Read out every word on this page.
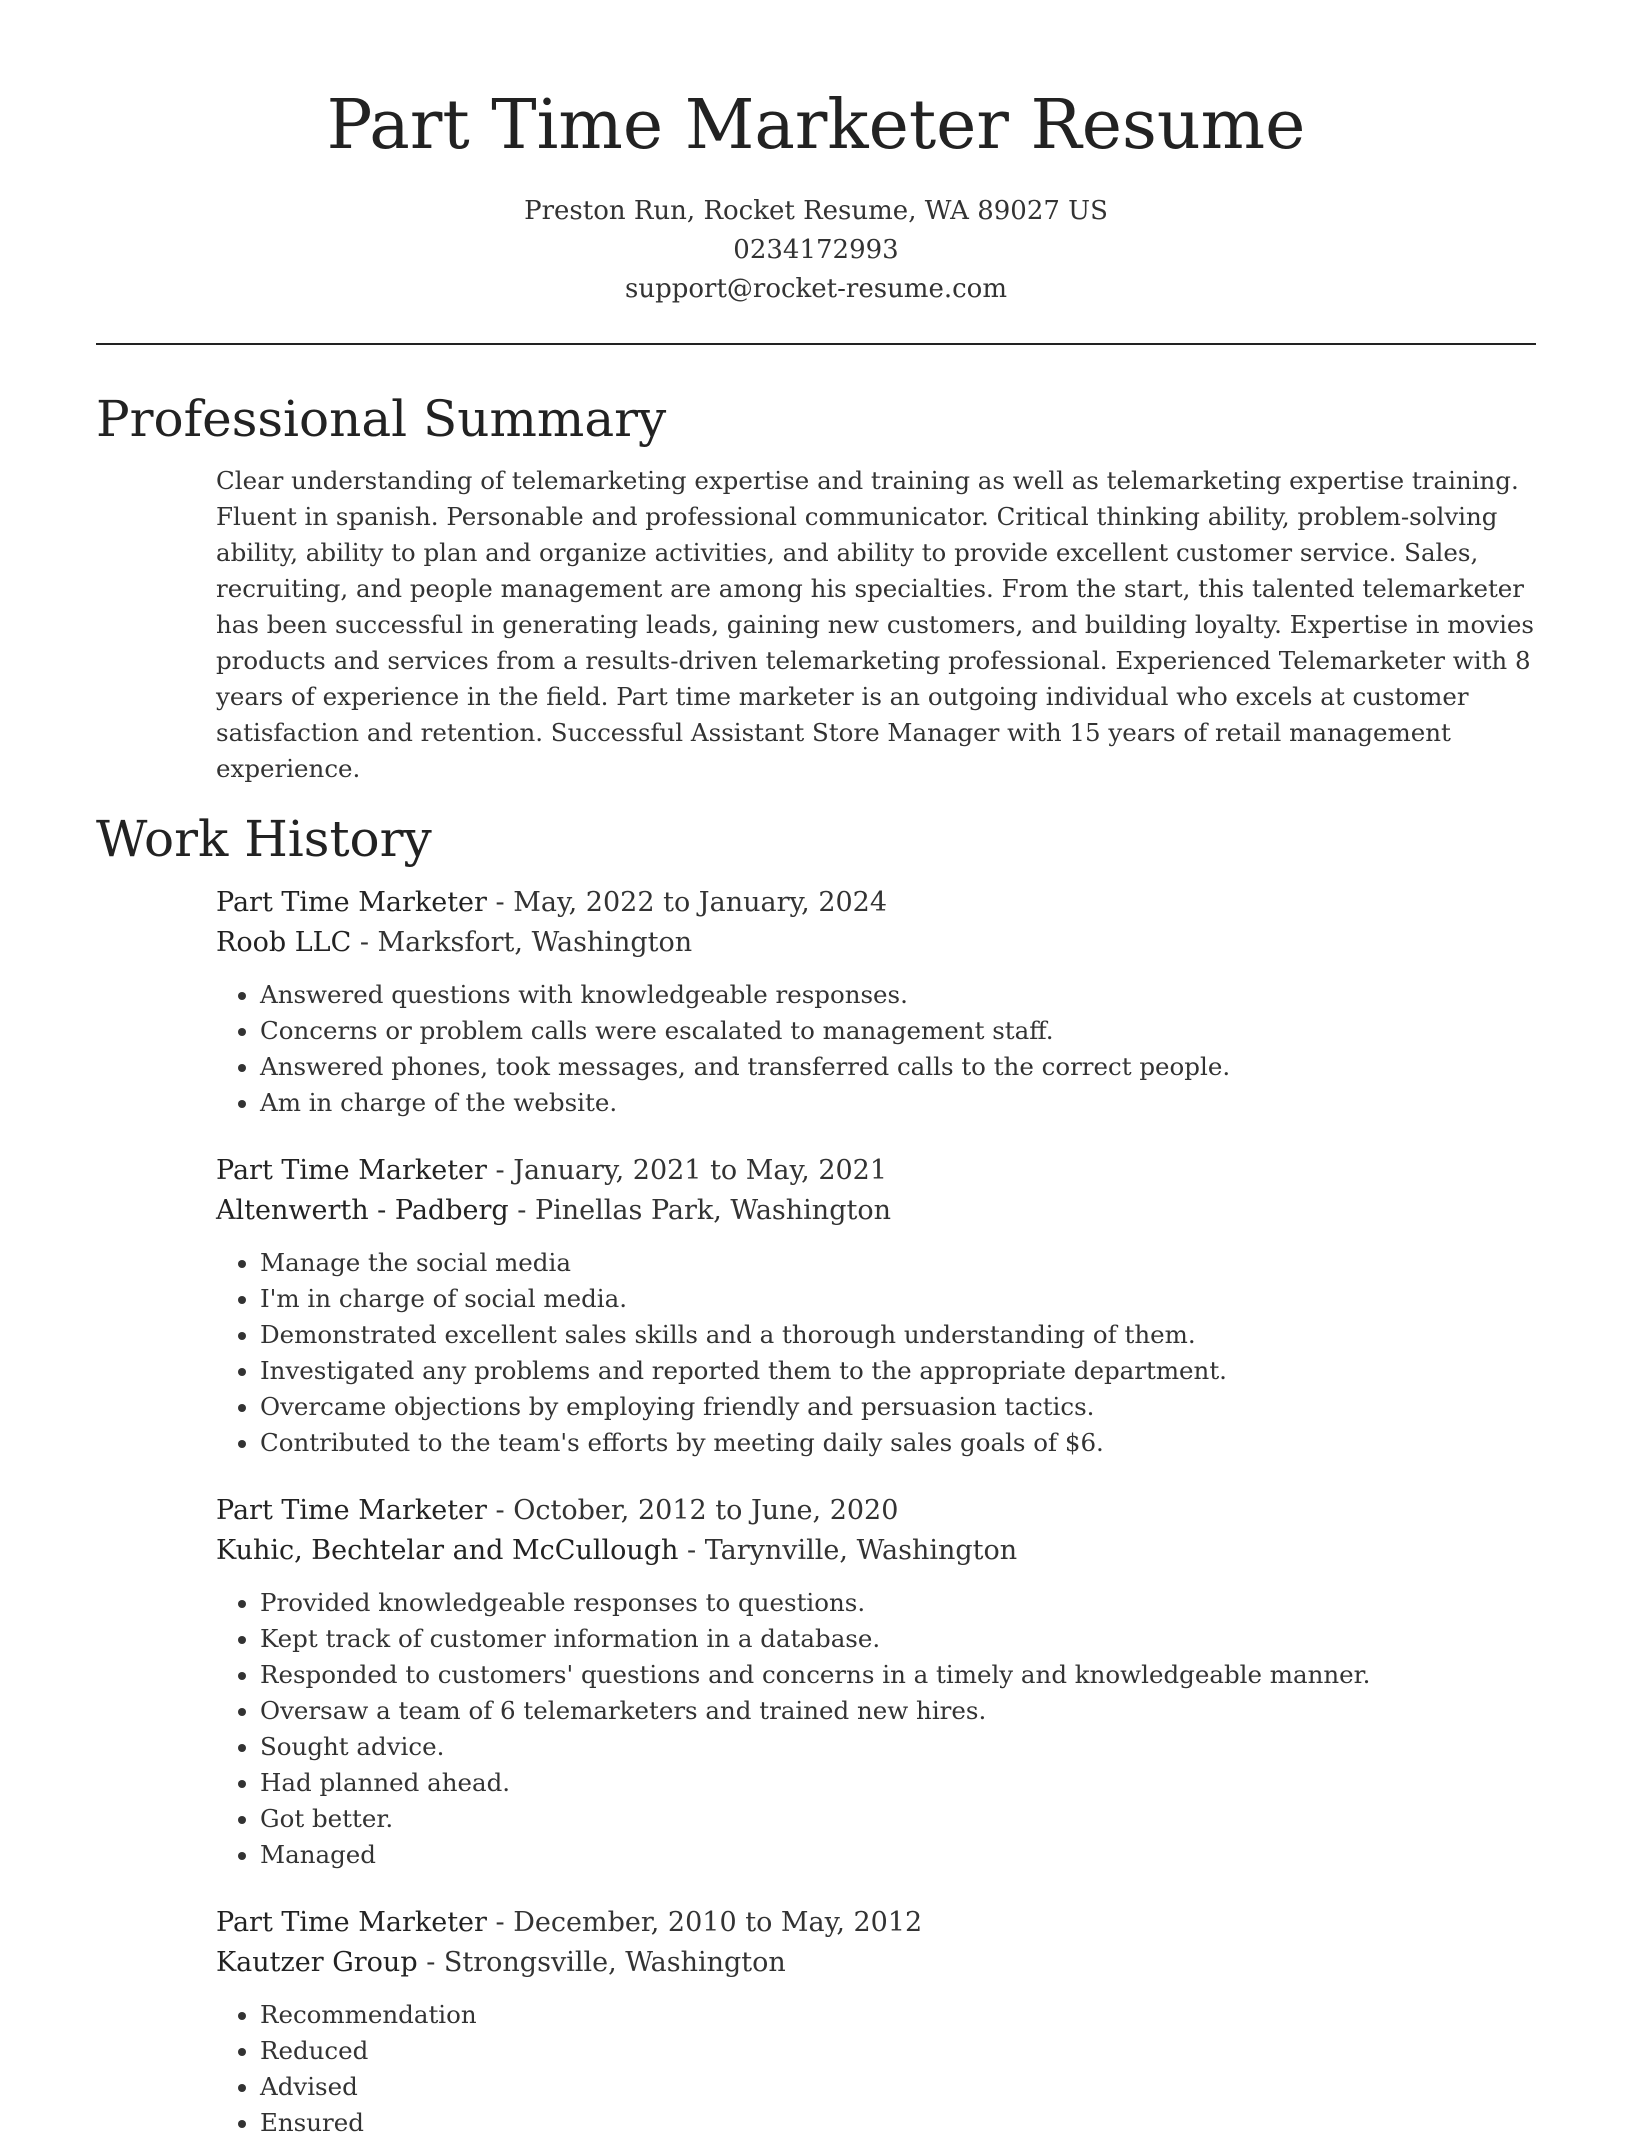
Part Time Marketer Resume
Preston Run, Rocket Resume, WA 89027 US
0234172993
support@rocket-resume.com
Professional Summary
Clear understanding of telemarketing expertise and training as well as telemarketing expertise training. Fluent in spanish. Personable and professional communicator. Critical thinking ability, problem-solving ability, ability to plan and organize activities, and ability to provide excellent customer service. Sales, recruiting, and people management are among his specialties. From the start, this talented telemarketer has been successful in generating leads, gaining new customers, and building loyalty. Expertise in movies products and services from a results-driven telemarketing professional. Experienced Telemarketer with 8 years of experience in the field. Part time marketer is an outgoing individual who excels at customer satisfaction and retention. Successful Assistant Store Manager with 15 years of retail management experience.
Work History
Part Time Marketer - May, 2022 to January, 2024
Roob LLC - Marksfort, Washington
• Answered questions with knowledgeable responses.
• Concerns or problem calls were escalated to management staff.
• Answered phones, took messages, and transferred calls to the correct people.
• Am in charge of the website.
Part Time Marketer - January, 2021 to May, 2021
Altenwerth - Padberg - Pinellas Park, Washington
• Manage the social media
• I'm in charge of social media.
• Demonstrated excellent sales skills and a thorough understanding of them.
• Investigated any problems and reported them to the appropriate department.
• Overcame objections by employing friendly and persuasion tactics.
• Contributed to the team's efforts by meeting daily sales goals of $6.
Part Time Marketer - October, 2012 to June, 2020
Kuhic, Bechtelar and McCullough - Tarynville, Washington
• Provided knowledgeable responses to questions.
• Kept track of customer information in a database.
• Responded to customers' questions and concerns in a timely and knowledgeable manner.
• Oversaw a team of 6 telemarketers and trained new hires.
• Sought advice.
• Had planned ahead.
• Got better.
• Managed
Part Time Marketer - December, 2010 to May, 2012
Kautzer Group - Strongsville, Washington
• Recommendation
• Reduced
• Advised
• Ensured
